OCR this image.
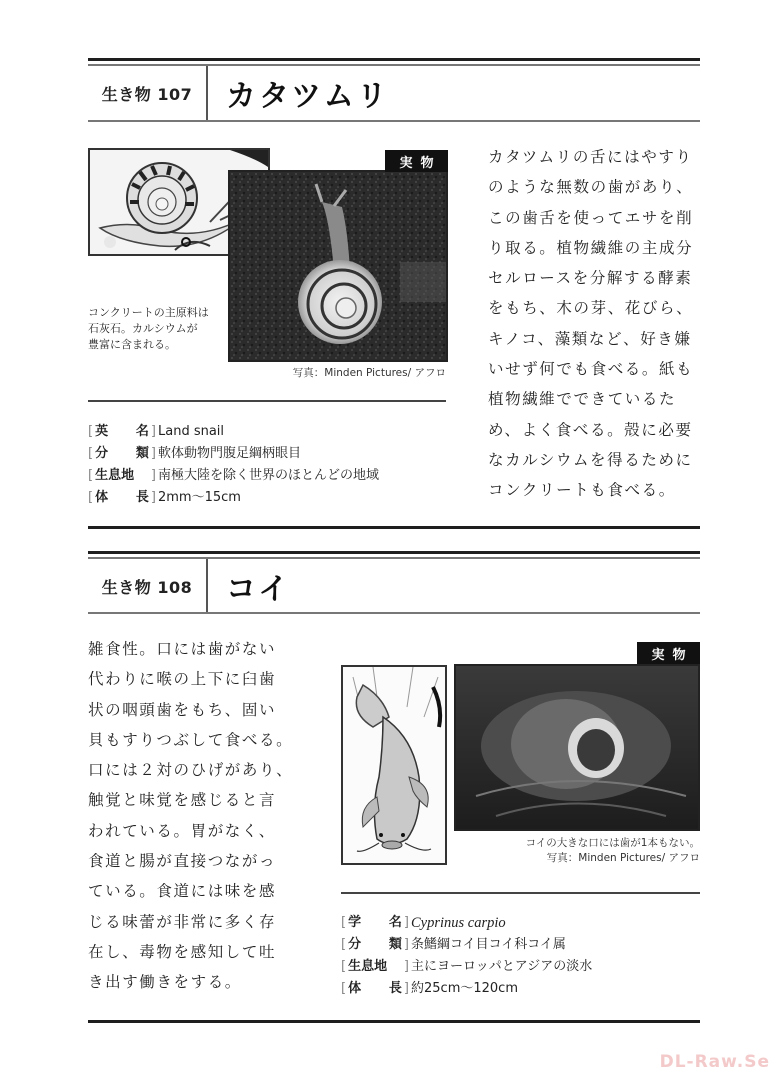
生き物 107	カタツムリ
実物
コンクリートの主原料は
石灰石。カルシウムが
豊富に含まれる。
写真：Minden Pictures/ アフロ
[ 英 名 ] Land snail
[ 分 類 ] 軟体動物門腹足綱柄眼目
[ 生息地	] 南極大陸を除く世界のほとんどの地域
[ 体 長 ] 2mm〜15cm
カタツムリの舌にはやすり
のような無数の歯があり、
この歯舌を使ってエサを削
り取る。植物繊維の主成分
セルロースを分解する酵素
をもち、木の芽、花びら、
キノコ、藻類など、好き嫌
いせず何でも食べる。紙も
植物繊維でできているた
め、よく食べる。殻に必要
なカルシウムを得るために
コンクリートも食べる。
生き物 108	コイ
雑食性。口には歯がない
代わりに喉の上下に臼歯
状の咽頭歯をもち、固い
貝もすりつぶして食べる。
口には２対のひげがあり、
触覚と味覚を感じると言
われている。胃がなく、
食道と腸が直接つながっ
ている。食道には味を感
じる味蕾が非常に多く存
在し、毒物を感知して吐
き出す働きをする。
実物
コイの大きな口には歯が1本もない。
写真：Minden Pictures/ アフロ
[ 学 名 ] Cyprinus carpio
[ 分 類 ] 条鰭綱コイ目コイ科コイ属
[ 生息地	] 主にヨーロッパとアジアの淡水
[ 体 長 ] 約25cm〜120cm
DL-Raw.Se
